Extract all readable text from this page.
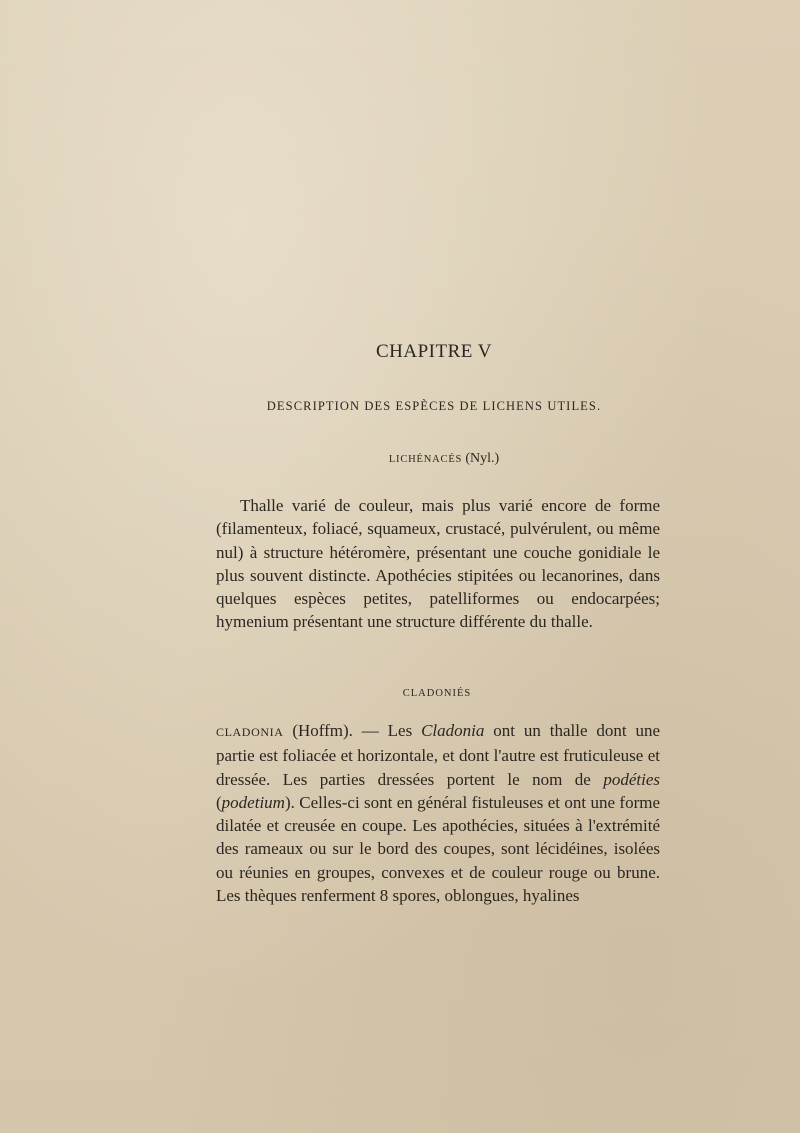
CHAPITRE V
DESCRIPTION DES ESPÈCES DE LICHENS UTILES.

LICHÉNACÉS (Nyl.)

Thalle varié de couleur, mais plus varié encore de forme (filamenteux, foliacé, squameux, crustacé, pulvérulent, ou même nul) à structure hétéromère, présentant une couche gonidiale le plus souvent distincte. Apothécies stipitées ou lecanorines, dans quelques espèces petites, patelliformes ou endocarpées; hymenium présentant une structure différente du thalle.

CLADONIÉS

CLADONIA (Hoffm). — Les Cladonia ont un thalle dont une partie est foliacée et horizontale, et dont l'autre est fruticuleuse et dressée. Les parties dressées portent le nom de podéties (podetium). Celles-ci sont en général fistuleuses et ont une forme dilatée et creusée en coupe. Les apothécies, situées à l'extrémité des rameaux ou sur le bord des coupes, sont lécidéines, isolées ou réunies en groupes, convexes et de couleur rouge ou brune. Les thèques renferment 8 spores, oblongues, hyalines
